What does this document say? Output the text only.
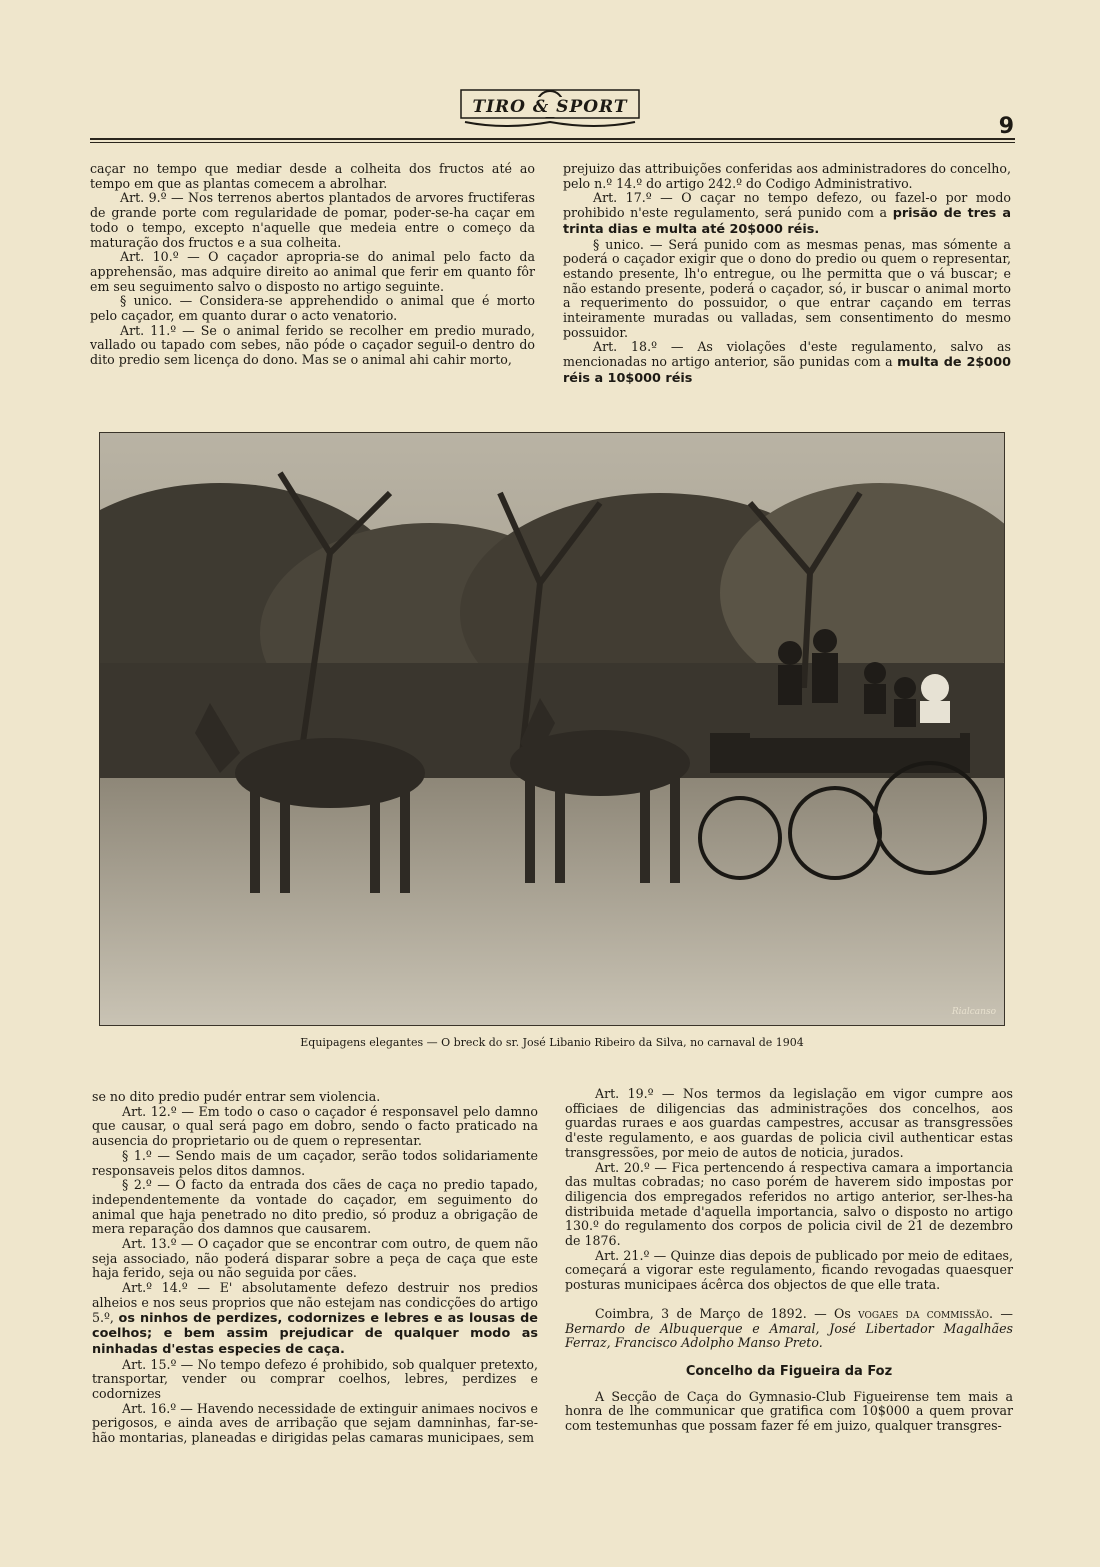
TIRO & SPORT
9

caçar no tempo que mediar desde a colheita dos fructos até ao tempo em que as plantas comecem a abrolhar.

Art. 9.º — Nos terrenos abertos plantados de arvores fructiferas de grande porte com regularidade de pomar, poder-se-ha caçar em todo o tempo, excepto n'aquelle que medeia entre o começo da maturação dos fructos e a sua colheita.

Art. 10.º — O caçador apropria-se do animal pelo facto da apprehensão, mas adquire direito ao animal que ferir em quanto fôr em seu seguimento salvo o disposto no artigo seguinte.

§ unico. — Considera-se apprehendido o animal que é morto pelo caçador, em quanto durar o acto venatorio.

Art. 11.º — Se o animal ferido se recolher em predio murado, vallado ou tapado com sebes, não póde o caçador seguil-o dentro do dito predio sem licença do dono. Mas se o animal ahi cahir morto,

prejuizo das attribuições conferidas aos administradores do concelho, pelo n.º 14.º do artigo 242.º do Codigo Administrativo.

Art. 17.º — O caçar no tempo defezo, ou fazel-o por modo prohibido n'este regulamento, será punido com a prisão de tres a trinta dias e multa até 20$000 réis.

§ unico. — Será punido com as mesmas penas, mas sómente a poderá o caçador exigir que o dono do predio ou quem o representar, estando presente, lh'o entregue, ou lhe permitta que o vá buscar; e não estando presente, poderá o caçador, só, ir buscar o animal morto a requerimento do possuidor, o que entrar caçando em terras inteiramente muradas ou valladas, sem consentimento do mesmo possuidor.

Art. 18.º — As violações d'este regulamento, salvo as mencionadas no artigo anterior, são punidas com a multa de 2$000 réis a 10$000 réis

Rialcanso
Equipagens elegantes — O breck do sr. José Libanio Ribeiro da Silva, no carnaval de 1904

se no dito predio pudér entrar sem violencia.

Art. 12.º — Em todo o caso o caçador é responsavel pelo damno que causar, o qual será pago em dobro, sendo o facto praticado na ausencia do proprietario ou de quem o representar.

§ 1.º — Sendo mais de um caçador, serão todos solidariamente responsaveis pelos ditos damnos.

§ 2.º — O facto da entrada dos cães de caça no predio tapado, independentemente da vontade do caçador, em seguimento do animal que haja penetrado no dito predio, só produz a obrigação de mera reparação dos damnos que causarem.

Art. 13.º — O caçador que se encontrar com outro, de quem não seja associado, não poderá disparar sobre a peça de caça que este haja ferido, seja ou não seguida por cães.

Art.º 14.º — E' absolutamente defezo destruir nos predios alheios e nos seus proprios que não estejam nas condicções do artigo 5.º, os ninhos de perdizes, codornizes e lebres e as lousas de coelhos; e bem assim prejudicar de qualquer modo as ninhadas d'estas especies de caça.

Art. 15.º — No tempo defezo é prohibido, sob qualquer pretexto, transportar, vender ou comprar coelhos, lebres, perdizes e codornizes

Art. 16.º — Havendo necessidade de extinguir animaes nocivos e perigosos, e ainda aves de arribação que sejam damninhas, far-se-hão montarias, planeadas e dirigidas pelas camaras municipaes, sem

Art. 19.º — Nos termos da legislação em vigor cumpre aos officiaes de diligencias das administrações dos concelhos, aos guardas ruraes e aos guardas campestres, accusar as transgressões d'este regulamento, e aos guardas de policia civil authenticar estas transgressões, por meio de autos de noticia, jurados.

Art. 20.º — Fica pertencendo á respectiva camara a importancia das multas cobradas; no caso porém de haverem sido impostas por diligencia dos empregados referidos no artigo anterior, ser-lhes-ha distribuida metade d'aquella importancia, salvo o disposto no artigo 130.º do regulamento dos corpos de policia civil de 21 de dezembro de 1876.

Art. 21.º — Quinze dias depois de publicado por meio de editaes, começará a vigorar este regulamento, ficando revogadas quaesquer posturas municipaes ácêrca dos objectos de que elle trata.

Coimbra, 3 de Março de 1892. — Os vogaes da commissão. — Bernardo de Albuquerque e Amaral, José Libertador Magalhães Ferraz, Francisco Adolpho Manso Preto.

Concelho da Figueira da Foz

A Secção de Caça do Gymnasio-Club Figueirense tem mais a honra de lhe communicar que gratifica com 10$000 a quem provar com testemunhas que possam fazer fé em juizo, qualquer transgres-
